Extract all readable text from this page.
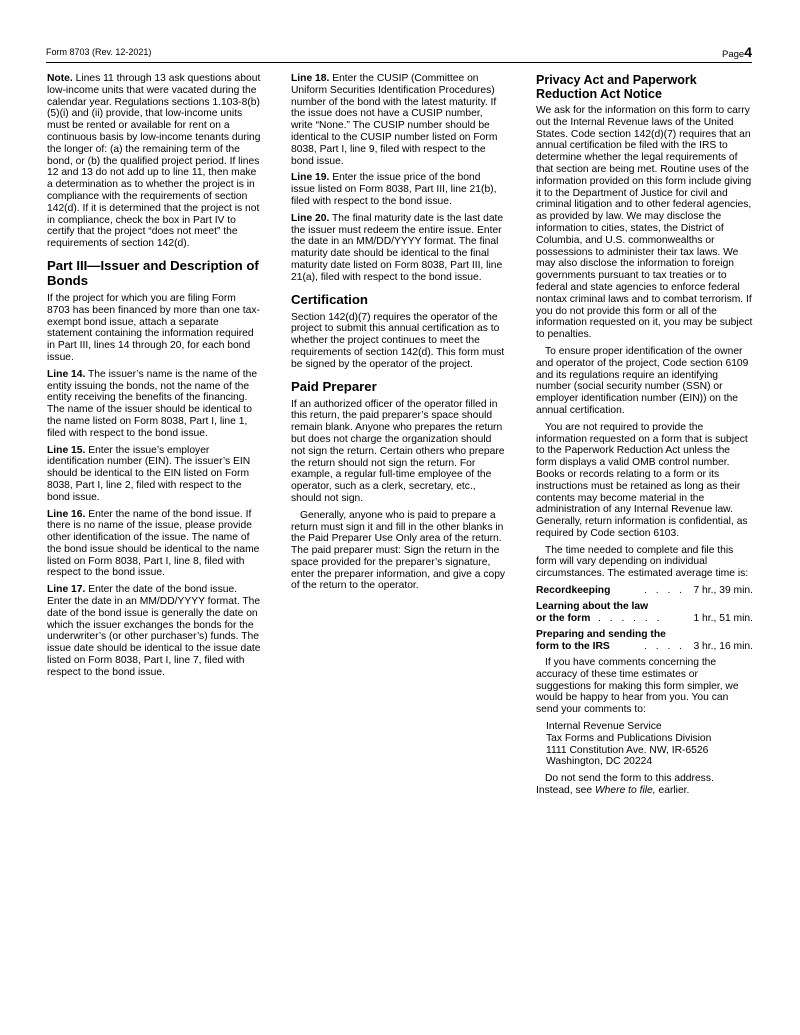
Form 8703 (Rev. 12-2021)	Page4

Note. Lines 11 through 13 ask questions about low-income units that were vacated during the calendar year. Regulations sections 1.103-8(b)(5)(i) and (ii) provide, that low-income units must be rented or available for rent on a continuous basis by low-income tenants during the longer of: (a) the remaining term of the bond, or (b) the qualified project period. If lines 12 and 13 do not add up to line 11, then make a determination as to whether the project is in compliance with the requirements of section 142(d). If it is determined that the project is not in compliance, check the box in Part IV to certify that the project “does not meet” the requirements of section 142(d).

Part III—Issuer and Description of Bonds

If the project for which you are filing Form 8703 has been financed by more than one tax-exempt bond issue, attach a separate statement containing the information required in Part III, lines 14 through 20, for each bond issue.

Line 14. The issuer’s name is the name of the entity issuing the bonds, not the name of the entity receiving the benefits of the financing. The name of the issuer should be identical to the name listed on Form 8038, Part I, line 1, filed with respect to the bond issue.

Line 15. Enter the issue’s employer identification number (EIN). The issuer’s EIN should be identical to the EIN listed on Form 8038, Part I, line 2, filed with respect to the bond issue.

Line 16. Enter the name of the bond issue. If there is no name of the issue, please provide other identification of the issue. The name of the bond issue should be identical to the name listed on Form 8038, Part I, line 8, filed with respect to the bond issue.

Line 17. Enter the date of the bond issue. Enter the date in an MM/DD/YYYY format. The date of the bond issue is generally the date on which the issuer exchanges the bonds for the underwriter’s (or other purchaser’s) funds. The issue date should be identical to the issue date listed on Form 8038, Part I, line 7, filed with respect to the bond issue.

Line 18. Enter the CUSIP (Committee on Uniform Securities Identification Procedures) number of the bond with the latest maturity. If the issue does not have a CUSIP number, write “None.” The CUSIP number should be identical to the CUSIP number listed on Form 8038, Part I, line 9, filed with respect to the bond issue.

Line 19. Enter the issue price of the bond issue listed on Form 8038, Part III, line 21(b), filed with respect to the bond issue.

Line 20. The final maturity date is the last date the issuer must redeem the entire issue. Enter the date in an MM/DD/YYYY format. The final maturity date should be identical to the final maturity date listed on Form 8038, Part III, line 21(a), filed with respect to the bond issue.

Certification

Section 142(d)(7) requires the operator of the project to submit this annual certification as to whether the project continues to meet the requirements of section 142(d). This form must be signed by the operator of the project.

Paid Preparer

If an authorized officer of the operator filled in this return, the paid preparer’s space should remain blank. Anyone who prepares the return but does not charge the organization should not sign the return. Certain others who prepare the return should not sign the return. For example, a regular full-time employee of the operator, such as a clerk, secretary, etc., should not sign.

Generally, anyone who is paid to prepare a return must sign it and fill in the other blanks in the Paid Preparer Use Only area of the return. The paid preparer must: Sign the return in the space provided for the preparer’s signature, enter the preparer information, and give a copy of the return to the operator.

Privacy Act and Paperwork Reduction Act Notice

We ask for the information on this form to carry out the Internal Revenue laws of the United States. Code section 142(d)(7) requires that an annual certification be filed with the IRS to determine whether the legal requirements of that section are being met. Routine uses of the information provided on this form include giving it to the Department of Justice for civil and criminal litigation and to other federal agencies, as provided by law. We may disclose the information to cities, states, the District of Columbia, and U.S. commonwealths or possessions to administer their tax laws. We may also disclose the information to foreign governments pursuant to tax treaties or to federal and state agencies to enforce federal nontax criminal laws and to combat terrorism. If you do not provide this form or all of the information requested on it, you may be subject to penalties.

To ensure proper identification of the owner and operator of the project, Code section 6109 and its regulations require an identifying number (social security number (SSN) or employer identification number (EIN)) on the annual certification.

You are not required to provide the information requested on a form that is subject to the Paperwork Reduction Act unless the form displays a valid OMB control number. Books or records relating to a form or its instructions must be retained as long as their contents may become material in the administration of any Internal Revenue law. Generally, return information is confidential, as required by Code section 6103.

The time needed to complete and file this form will vary depending on individual circumstances. The estimated average time is:

Recordkeeping	. . . . 7 hr., 39 min.
Learning about the law
or the form . . . . . .	1 hr., 51 min.
Preparing and sending the
form to the IRS	. . . . 3 hr., 16 min.

If you have comments concerning the accuracy of these time estimates or suggestions for making this form simpler, we would be happy to hear from you. You can send your comments to:

Internal Revenue Service
Tax Forms and Publications Division
1111 Constitution Ave. NW, IR-6526
Washington, DC 20224

Do not send the form to this address. Instead, see Where to file, earlier.
